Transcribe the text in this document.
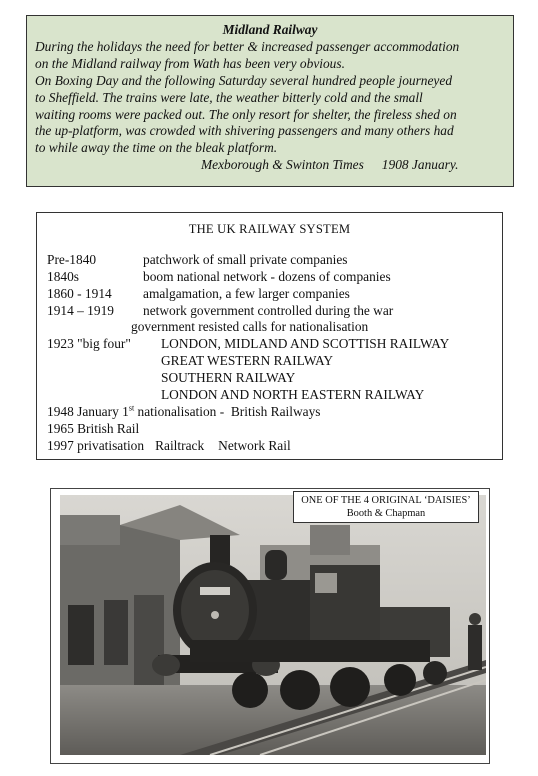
Midland Railway
During the holidays the need for better & increased passenger accommodation
on the Midland railway from Wath has been very obvious.
On Boxing Day and the following Saturday several hundred people journeyed
to Sheffield. The trains were late, the weather bitterly cold and the small
waiting rooms were packed out. The only resort for shelter, the fireless shed on
the up-platform, was crowded with shivering passengers and many others had
to while away the time on the bleak platform.
Mexborough & Swinton Times 1908 January.
THE UK RAILWAY SYSTEM
Pre-1840	patchwork of small private companies
1840s	boom national network - dozens of companies
1860 - 1914 amalgamation, a few larger companies
1914 – 1919 network government controlled during the war
government resisted calls for nationalisation
1923 "big four" LONDON, MIDLAND AND SCOTTISH RAILWAY
GREAT WESTERN RAILWAY
SOUTHERN RAILWAY
LONDON AND NORTH EASTERN RAILWAY
1948 January 1st nationalisation -  British Railways
1965 British Rail
1997 privatisation Railtrack Network Rail
ONE OF THE 4 ORIGINAL ‘DAISIES’
Booth & Chapman
